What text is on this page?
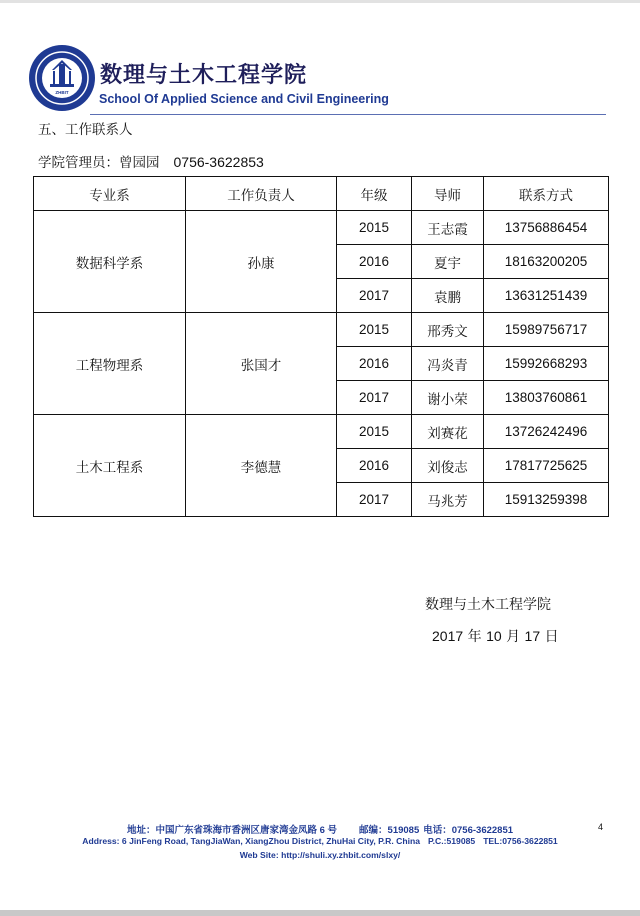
ZHBIT
数理与土木工程学院
School Of Applied Science and Civil Engineering
五、工作联系人
学院管理员：曾园园 0756-3622853
专业系	工作负责人	年级	导师	联系方式
数据科学系	孙康	2015	王志霞	13756886454
		2016	夏宇	18163200205
		2017	袁鹏	13631251439
工程物理系	张国才	2015	邢秀文	15989756717
		2016	冯炎青	15992668293
		2017	谢小荣	13803760861
土木工程系	李德慧	2015	刘赛花	13726242496
		2016	刘俊志	17817725625
		2017	马兆芳	15913259398
数理与土木工程学院
2017 年 10 月 17 日
地址：中国广东省珠海市香洲区唐家湾金凤路 6 号 邮编：519085 电话：0756-3622851
Address: 6 JinFeng Road, TangJiaWan, XiangZhou District, ZhuHai City, P.R. China P.C.:519085 TEL:0756-3622851
Web Site: http://shuli.xy.zhbit.com/slxy/
4
